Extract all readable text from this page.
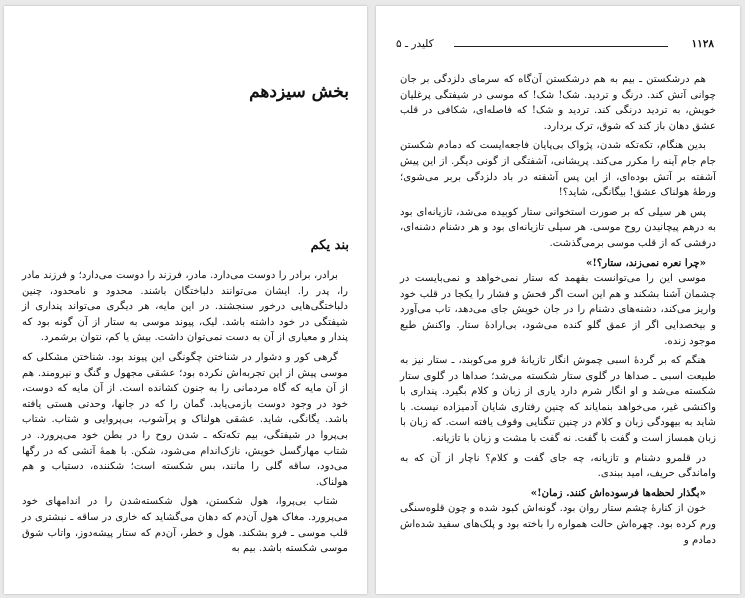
بخش سیزدهم
بند یکم

برادر، برادر را دوست می‌دارد. مادر، فرزند را دوست می‌دارد؛ و فرزند مادر را، پدر را. ایشان می‌توانند دلباختگان باشند. محدود و نامحدود، چنین دلباختگی‌هایی درخور سنجشند. در این مایه، هر دیگری می‌تواند پنداری از شیفتگی در خود داشته باشد. لیک، پیوند موسی به ستار از آن گونه بود که پندار و معیاری از آن به دست نمی‌توان داشت. بیش یا کم، نتوان برشمرد.

گرهی کور و دشوار در شناختن چگونگی این پیوند بود. شناختن مشکلی که موسی پیش از این تجربه‌اش نکرده بود؛ عشقی مجهول و گنگ و نیرومند. هم از آن مایه که گاه مردمانی را به جنون کشانده است. از آن مایه که دوست، خود در وجود دوست بازمی‌یابد. گمان را که در جانها، وحدتی هستی یافته باشد. یگانگی، شاید. عشقی هولناک و پرآشوب، بی‌پروایی و شتاب. شتاب بی‌پروا در شیفتگی، بیم تکه‌تکه ـ شدن روح را در بطن خود می‌پرورد. در شتاب مهارگسل خویش، نازک‌اندام می‌شود، شکن. با همهٔ آتشی که در رگها می‌دود، ساقه گلی را مانند، بس شکسته است؛ شکننده، دستیاب و هم هولناک.

شتاب بی‌پروا، هول شکستن، هول شکسته‌شدن را در اندامهای خود می‌پرورد. مغاک هول آن‌دم که دهان می‌گشاید که خاری در ساقه ـ نبشتری در قلب موسی ـ فرو بشکند. هول و خطر، آن‌دم که ستار پیشه‌دوز، واتاب شوق موسی شکسته باشد. بیم به

۱۱۲۸
کلیدر ـ ۵

هم درشکستن ـ بیم به هم درشکستن آن‌گاه که سرمای دلزدگی بر جان چوانی آتش کند. درنگ و تردید. شک! شک! که موسی در شیفتگی پرغلیان خویش، به تردید درنگی کند. تردید و شک! که فاصله‌ای، شکافی در قلب عشق دهان باز کند که شوق، ترک بردارد.

بدین هنگام، تکه‌تکه شدن، پژواک بی‌پایان فاجعه‌ایست که دمادم شکستن جام جام آینه را مکرر می‌کند. پریشانی، آشفتگی از گونی دیگر. از این پیش آشفته بر آتش بوده‌ای، از این پس آشفته در باد دلزدگی بربر می‌شوی؛ ورطهٔ هولناک عشق! بیگانگی، شاید؟!

پس هر سیلی که بر صورت استخوانی ستار کوبیده می‌شد، تازیانه‌ای بود به درهم پیچانیدن روح موسی. هر سیلی تازیانه‌ای بود و هر دشنام دشنه‌ای، درفشی که از قلب موسی برمی‌گذشت.

«چرا نعره نمی‌زند، ستار؟!»

موسی این را می‌توانست بفهمد که ستار نمی‌خواهد و نمی‌بایست در چشمان آشنا بشکند و هم این است اگر فحش و فشار را یکجا در قلب خود واریز می‌کند، دشنه‌های دشنام را در جان خویش جای می‌دهد، تاب می‌آورد و بیخصدایی اگر از عمق گلو کنده می‌شود، بی‌ارادهٔ ستار. واکنش طبع موجود زنده.

هنگم که بر گردهٔ اسبی چموش انگار تازیانهٔ فرو می‌کوبند، ـ ستار نیز به طبیعت اسبی ـ صداها در گلوی ستار شکسته می‌شد؛ صداها در گلوی ستار شکسته می‌شد و او انگار شرم دارد یاری از زبان و کلام بگیرد. پنداری با واکنشی غیر، می‌خواهد بنمایاند که چنین رفتاری شایان آدمیزاده نیست. با شاید به بیهودگی زبان و کلام در چنین تنگنایی وقوف یافته است. که زبان با زبان همساز است و گفت با گفت. نه گفت با مشت و زبان با تازیانه.

در قلمرو دشنام و تازیانه، چه جای گفت و کلام؟ ناچار از آن که به واماندگی حریف، امید ببندی.

«بگذار لحظه‌ها فرسوده‌اش کنند. زمان!»

خون از کنارهٔ چشم ستار روان بود. گونه‌اش کبود شده و چون قلوه‌سنگی ورم کرده بود. چهره‌اش حالت همواره را باخته بود و پلک‌های سفید شده‌اش دمادم و
